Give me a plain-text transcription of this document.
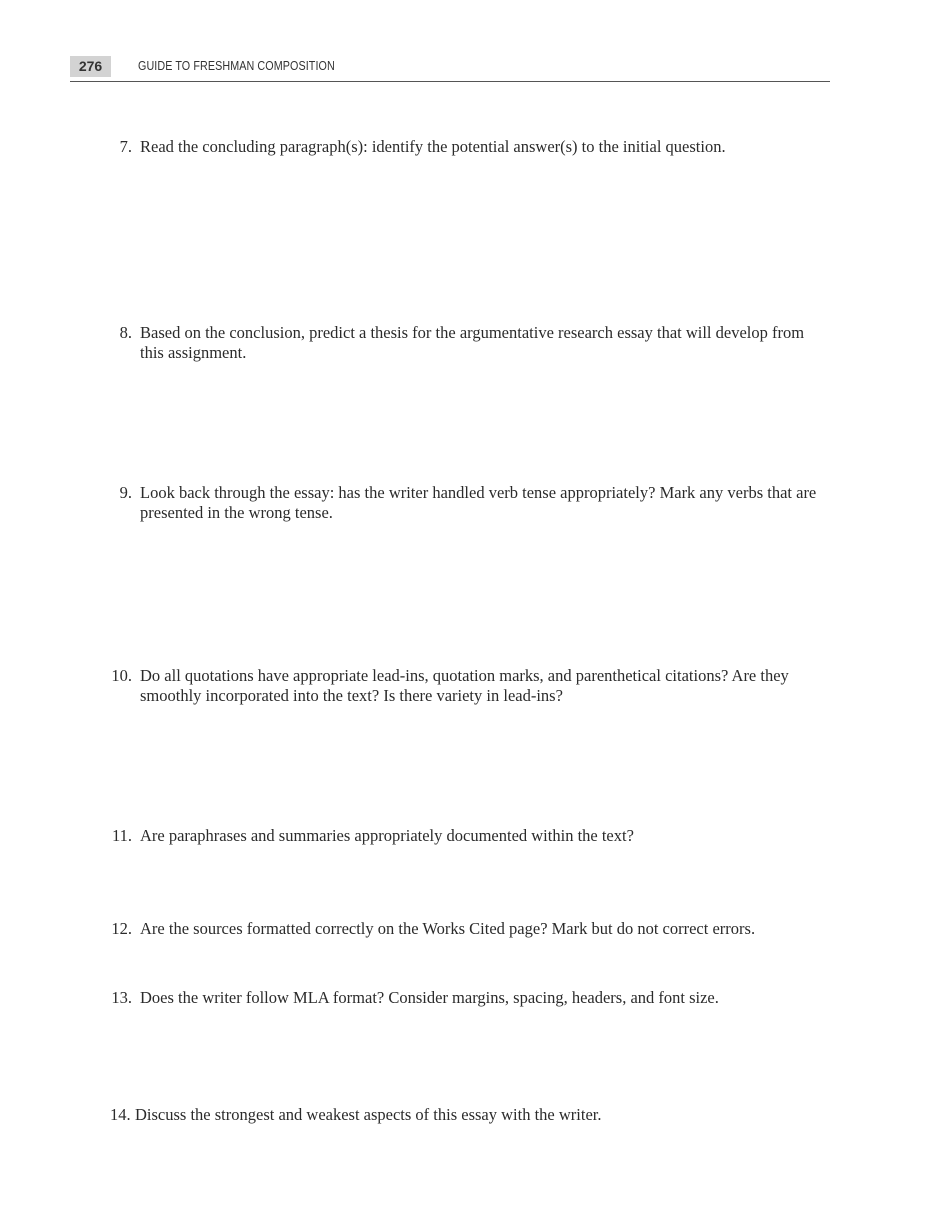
276	GUIDE TO FRESHMAN COMPOSITION
7. Read the concluding paragraph(s): identify the potential answer(s) to the initial question.
8. Based on the conclusion, predict a thesis for the argumentative research essay that will develop from this assignment.
9. Look back through the essay: has the writer handled verb tense appropriately? Mark any verbs that are presented in the wrong tense.
10. Do all quotations have appropriate lead-ins, quotation marks, and parenthetical citations? Are they smoothly incorporated into the text? Is there variety in lead-ins?
11. Are paraphrases and summaries appropriately documented within the text?
12. Are the sources formatted correctly on the Works Cited page? Mark but do not correct errors.
13. Does the writer follow MLA format? Consider margins, spacing, headers, and font size.
14. Discuss the strongest and weakest aspects of this essay with the writer.
